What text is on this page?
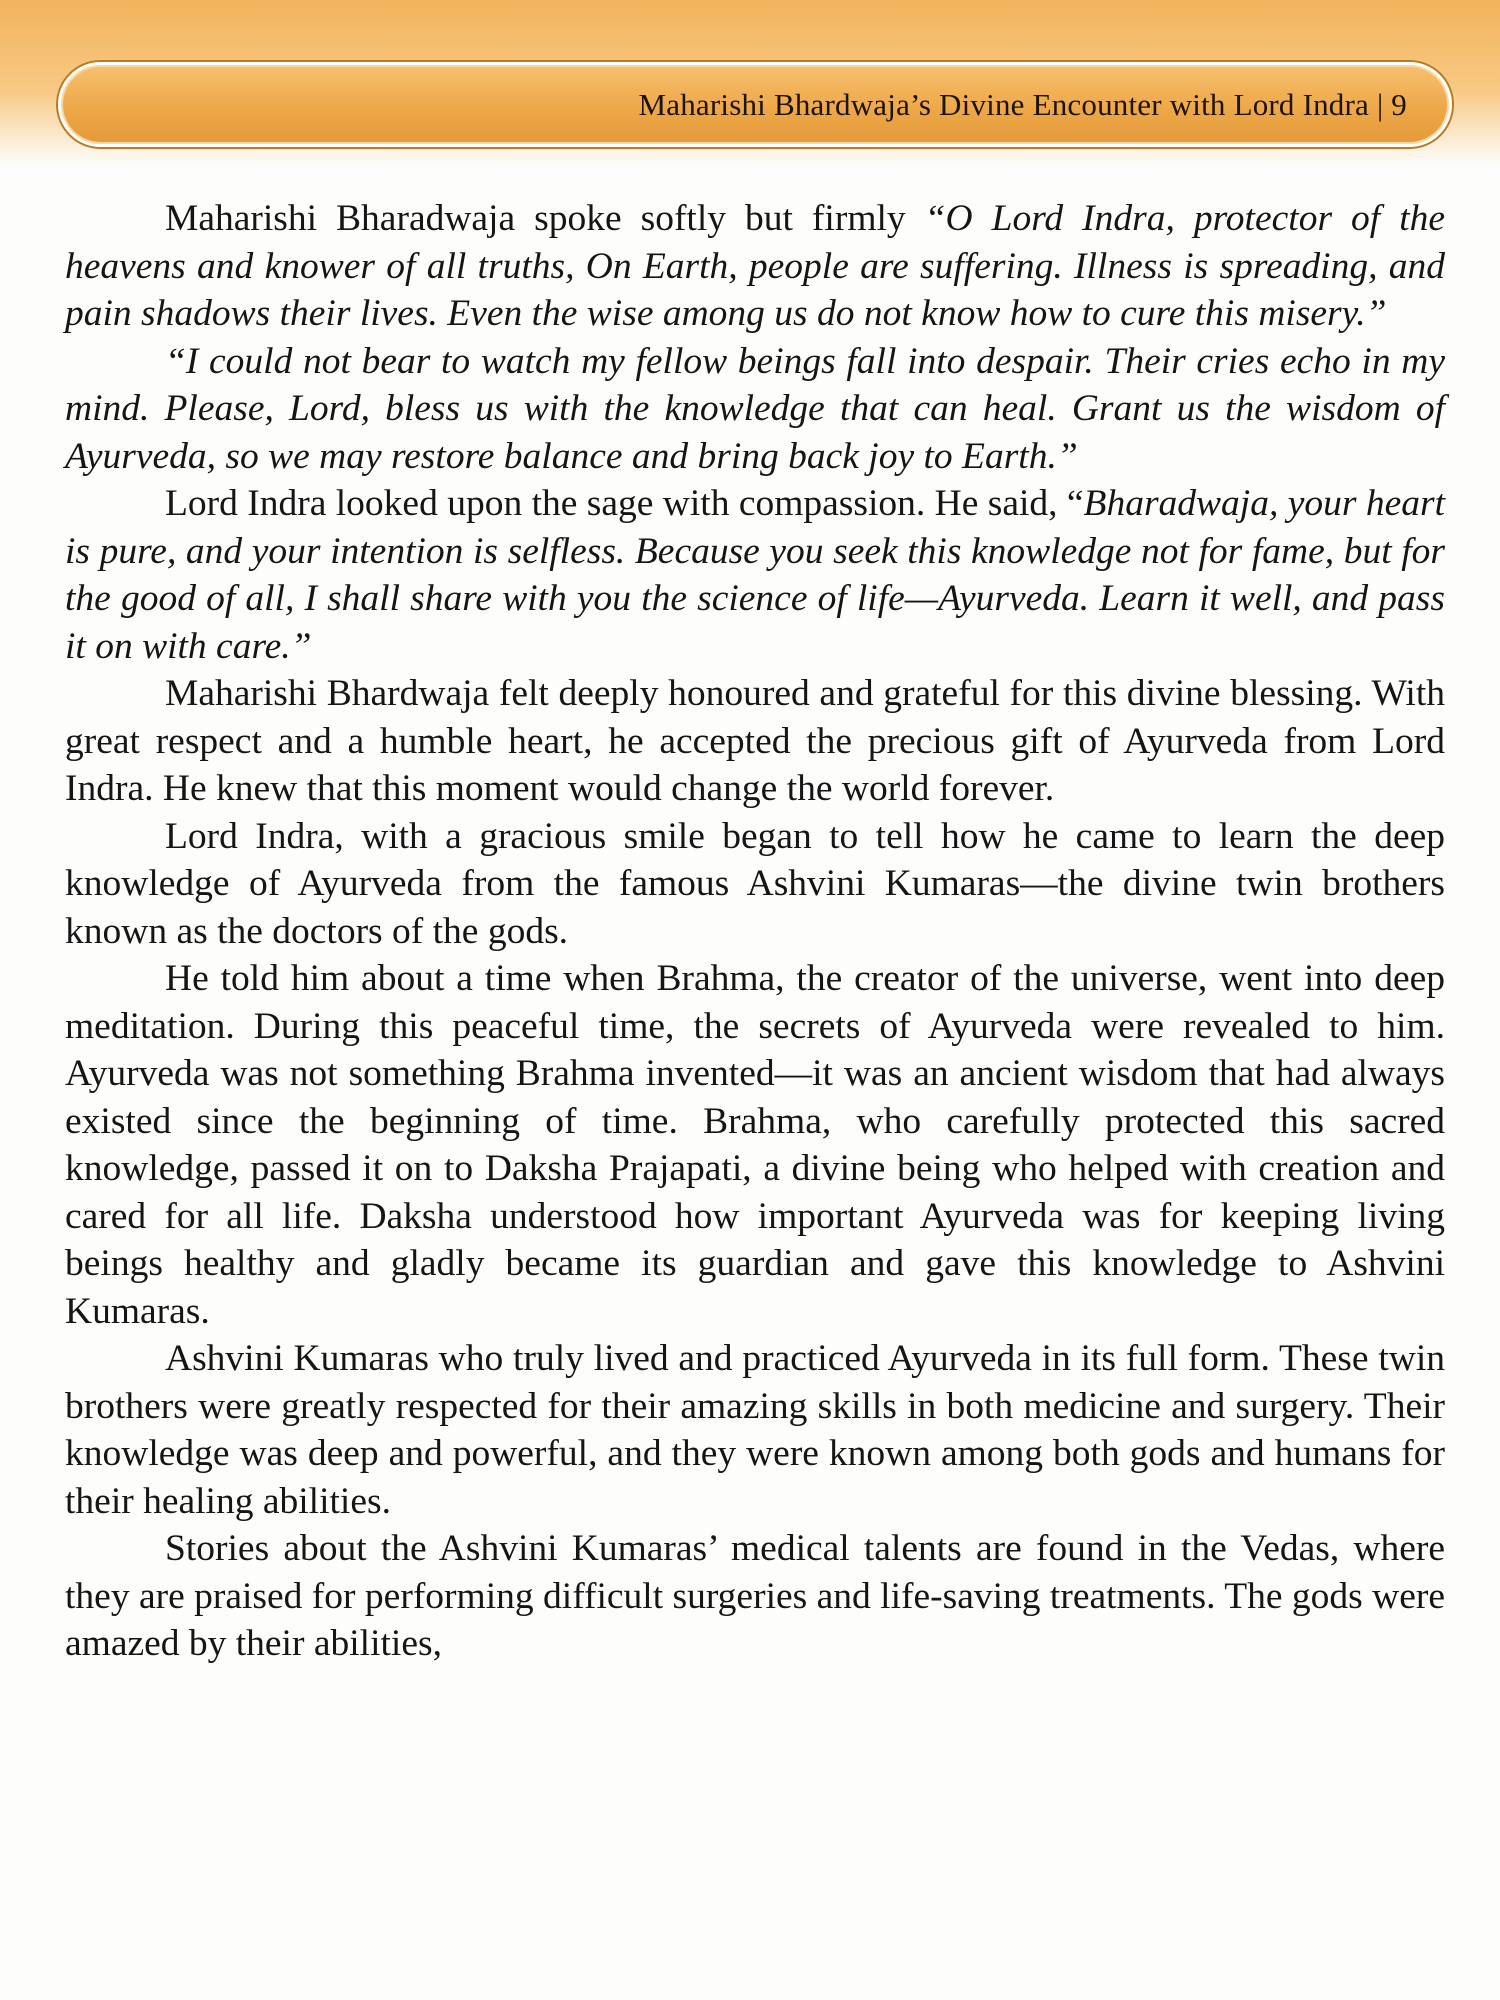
Maharishi Bhardwaja’s Divine Encounter with Lord Indra | 9

Maharishi Bharadwaja spoke softly but firmly “O Lord Indra, protector of the heavens and knower of all truths, On Earth, people are suffering. Illness is spreading, and pain shadows their lives. Even the wise among us do not know how to cure this misery.”

“I could not bear to watch my fellow beings fall into despair. Their cries echo in my mind. Please, Lord, bless us with the knowledge that can heal. Grant us the wisdom of Ayurveda, so we may restore balance and bring back joy to Earth.”

Lord Indra looked upon the sage with compassion. He said, “Bharadwaja, your heart is pure, and your intention is selfless. Because you seek this knowledge not for fame, but for the good of all, I shall share with you the science of life—Ayurveda. Learn it well, and pass it on with care.”

Maharishi Bhardwaja felt deeply honoured and grateful for this divine blessing. With great respect and a humble heart, he accepted the precious gift of Ayurveda from Lord Indra. He knew that this moment would change the world forever.

Lord Indra, with a gracious smile began to tell how he came to learn the deep knowledge of Ayurveda from the famous Ashvini Kumaras—the divine twin brothers known as the doctors of the gods.

He told him about a time when Brahma, the creator of the universe, went into deep meditation. During this peaceful time, the secrets of Ayurveda were revealed to him. Ayurveda was not something Brahma invented—it was an ancient wisdom that had always existed since the beginning of time. Brahma, who carefully protected this sacred knowledge, passed it on to Daksha Prajapati, a divine being who helped with creation and cared for all life. Daksha understood how important Ayurveda was for keeping living beings healthy and gladly became its guardian and gave this knowledge to Ashvini Kumaras.

Ashvini Kumaras who truly lived and practiced Ayurveda in its full form. These twin brothers were greatly respected for their amazing skills in both medicine and surgery. Their knowledge was deep and powerful, and they were known among both gods and humans for their healing abilities.

Stories about the Ashvini Kumaras’ medical talents are found in the Vedas, where they are praised for performing difficult surgeries and life-saving treatments. The gods were amazed by their abilities,
